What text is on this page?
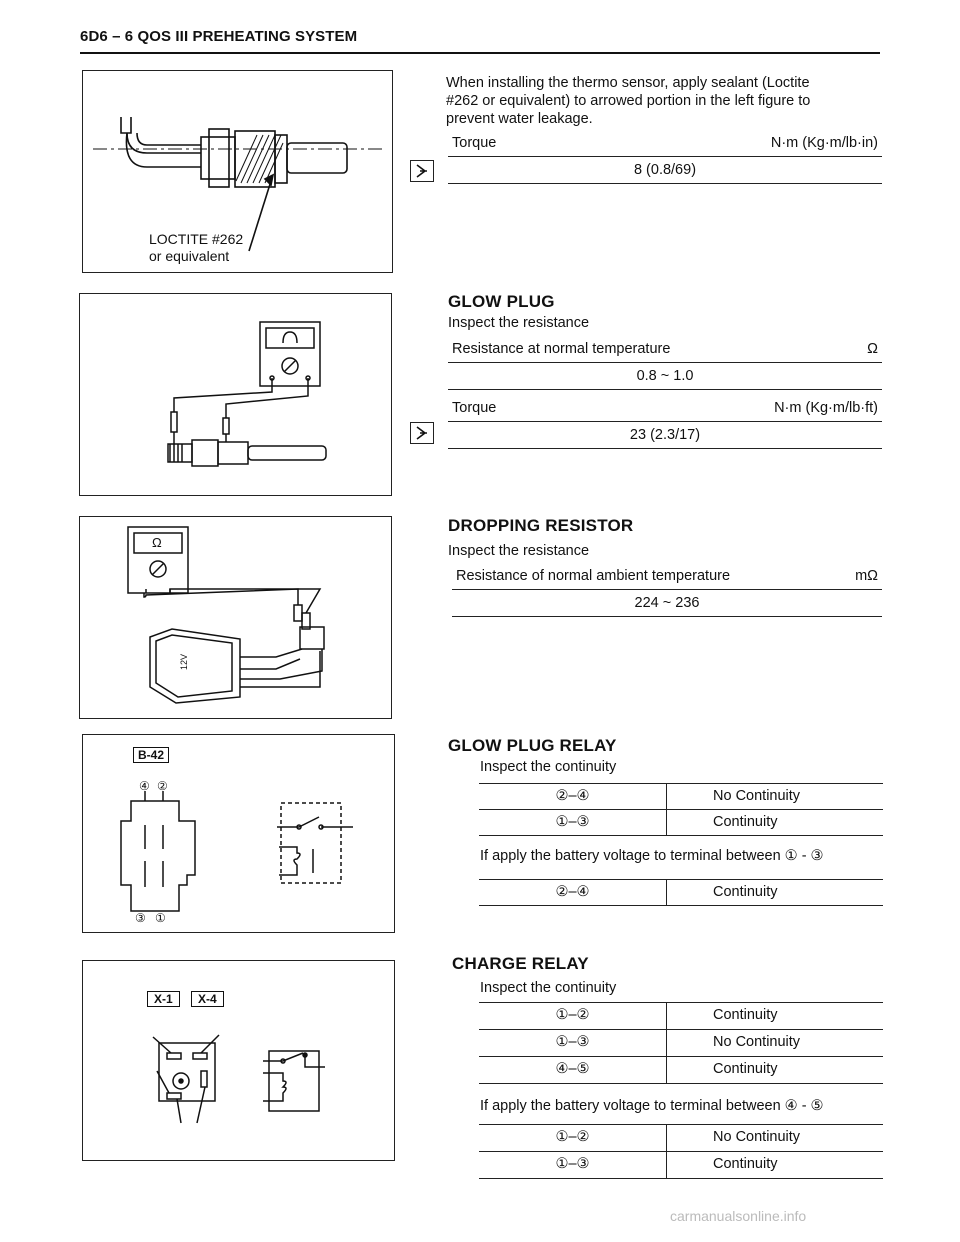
6D6 – 6 QOS III PREHEATING SYSTEM
LOCTITE #262
or equivalent
When installing the thermo sensor, apply sealant (Loctite
#262 or equivalent) to arrowed portion in the left figure to
prevent water leakage.
Torque	N·m (Kg·m/lb·in)
8 (0.8/69)
GLOW PLUG
Inspect the resistance
Resistance at normal temperature	Ω
0.8 ~ 1.0
Torque	N·m (Kg·m/lb·ft)
23 (2.3/17)
Ω
12V
DROPPING RESISTOR
Inspect the resistance
Resistance of normal ambient temperature	mΩ
224 ~ 236
B-42
④ ②
③ ①
GLOW PLUG RELAY
Inspect the continuity
②–④	No Continuity
①–③	Continuity
If apply the battery voltage to terminal between ① - ③
②–④	Continuity
X-1	X-4
CHARGE RELAY
Inspect the continuity
①–②	Continuity
①–③	No Continuity
④–⑤	Continuity
If apply the battery voltage to terminal between ④ - ⑤
①–②	No Continuity
①–③	Continuity
carmanualsonline.info
